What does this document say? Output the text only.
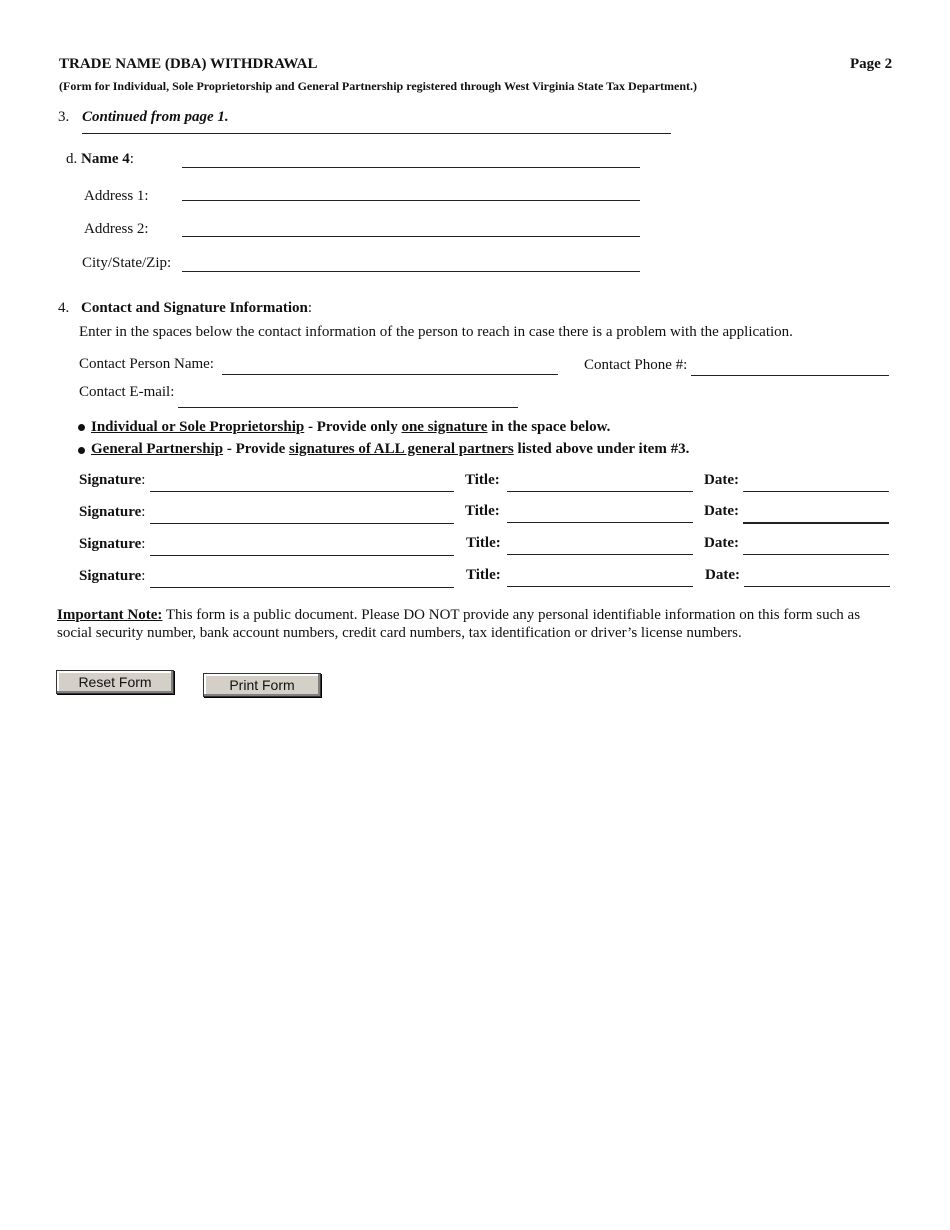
TRADE NAME (DBA) WITHDRAWAL	Page 2
(Form for Individual, Sole Proprietorship and General Partnership registered through West Virginia State Tax Department.)
3. Continued from page 1.
d. Name 4:
Address 1:
Address 2:
City/State/Zip:
4. Contact and Signature Information:
Enter in the spaces below the contact information of the person to reach in case there is a problem with the application.
Contact Person Name:	Contact Phone #:
Contact E-mail:
Individual or Sole Proprietorship - Provide only one signature in the space below.
General Partnership - Provide signatures of ALL general partners listed above under item #3.
Signature:	Title:	Date:
Signature:	Title:	Date:
Signature:	Title:	Date:
Signature:	Title:	Date:
Important Note: This form is a public document. Please DO NOT provide any personal identifiable information on this form such as social security number, bank account numbers, credit card numbers, tax identification or driver’s license numbers.
Reset Form	Print Form
